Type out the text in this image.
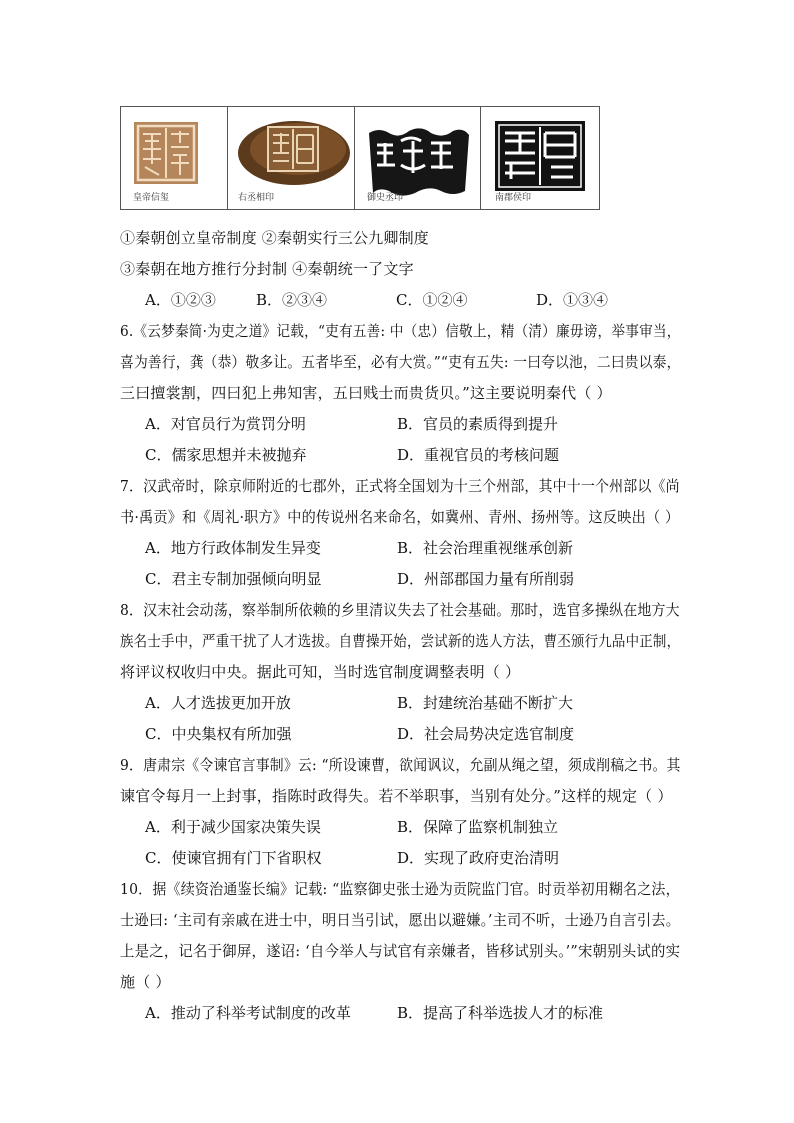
皇帝信玺	右丞相印	御史丞印	南郡侯印
①秦朝创立皇帝制度 ②秦朝实行三公九卿制度
③秦朝在地方推行分封制 ④秦朝统一了文字
A．①②③	B．②③④	C．①②④	D．①③④
6.《云梦秦简·为吏之道》记载，“吏有五善: 中（忠）信敬上，精（清）廉毋谤，举事审当，
喜为善行，龚（恭）敬多让。五者毕至，必有大赏。”“吏有五失: 一曰夸以池，二曰贵以泰，
三曰擅裳割，四曰犯上弗知害，五曰贱士而贵货贝。”这主要说明秦代（ ）
A．对官员行为赏罚分明	B．官员的素质得到提升
C．儒家思想并未被抛弃	D．重视官员的考核问题
7．汉武帝时，除京师附近的七郡外，正式将全国划为十三个州部，其中十一个州部以《尚
书·禹贡》和《周礼·职方》中的传说州名来命名，如冀州、青州、扬州等。这反映出（ ）
A．地方行政体制发生异变	B．社会治理重视继承创新
C．君主专制加强倾向明显	D．州部郡国力量有所削弱
8．汉末社会动荡，察举制所依赖的乡里清议失去了社会基础。那时，选官多操纵在地方大
族名士手中，严重干扰了人才选拔。自曹操开始，尝试新的选人方法，曹丕颁行九品中正制，
将评议权收归中央。据此可知，当时选官制度调整表明（ ）
A．人才选拔更加开放	B．封建统治基础不断扩大
C．中央集权有所加强	D．社会局势决定选官制度
9．唐肃宗《令谏官言事制》云: “所设谏曹，欲闻讽议，允副从绳之望，须成削稿之书。其
谏官令每月一上封事，指陈时政得失。若不举职事，当别有处分。”这样的规定（ ）
A．利于减少国家决策失误	B．保障了监察机制独立
C．使谏官拥有门下省职权	D．实现了政府吏治清明
10．据《续资治通鉴长编》记载: “监察御史张士逊为贡院监门官。时贡举初用糊名之法，
士逊曰: ‘主司有亲戚在进士中，明日当引试，愿出以避嫌。’主司不听，士逊乃自言引去。
上是之，记名于御屏，遂诏: ‘自今举人与试官有亲嫌者，皆移试别头。’”宋朝别头试的实
施（ ）
A．推动了科举考试制度的改革	B．提高了科举选拔人才的标准
